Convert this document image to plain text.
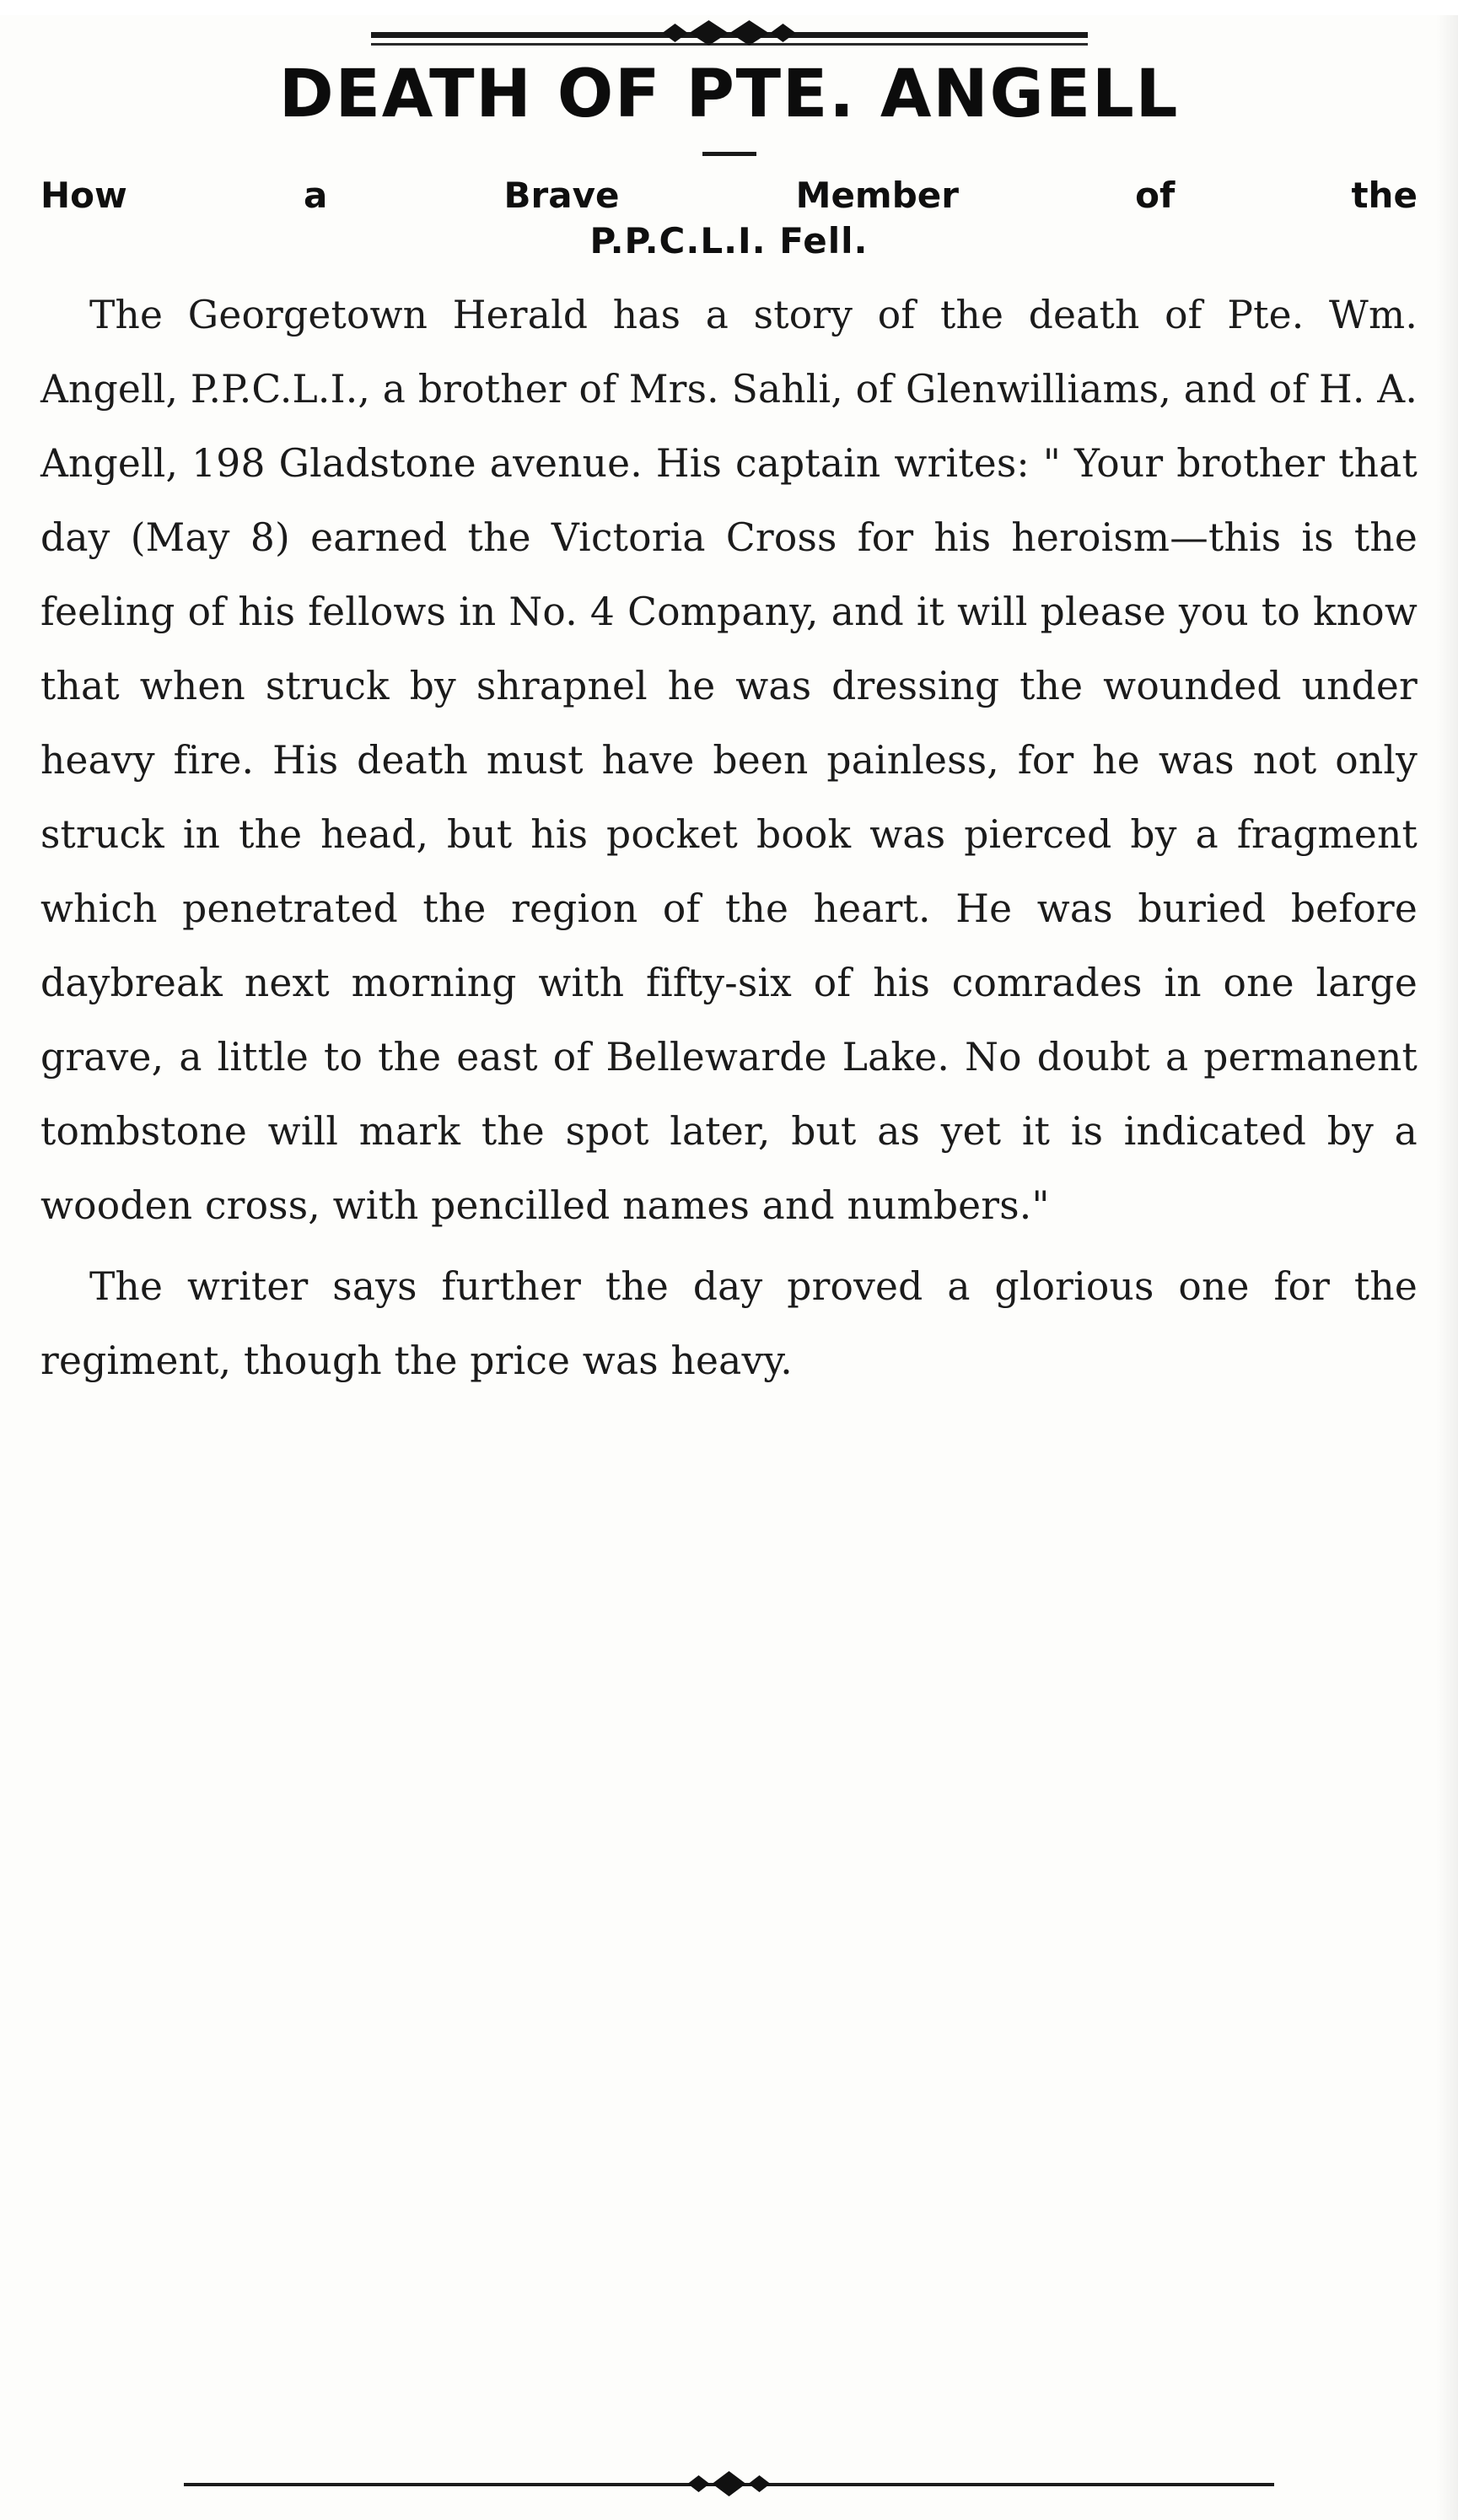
DEATH OF PTE. ANGELL
How	a	Brave	Member	of	the
P.P.C.L.I. Fell.

The Georgetown Herald has a story of the death of Pte. Wm. Angell, P.P.C.L.I., a brother of Mrs. Sahli, of Glenwilliams, and of H. A. Angell, 198 Gladstone avenue. His captain writes: " Your brother that day (May 8) earned the Victoria Cross for his heroism—this is the feeling of his fellows in No. 4 Company, and it will please you to know that when struck by shrapnel he was dressing the wounded under heavy fire. His death must have been painless, for he was not only struck in the head, but his pocket book was pierced by a fragment which penetrated the region of the heart. He was buried before daybreak next morning with fifty-six of his comrades in one large grave, a little to the east of Bellewarde Lake. No doubt a permanent tombstone will mark the spot later, but as yet it is indicated by a wooden cross, with pencilled names and numbers."

The writer says further the day proved a glorious one for the regiment, though the price was heavy.
